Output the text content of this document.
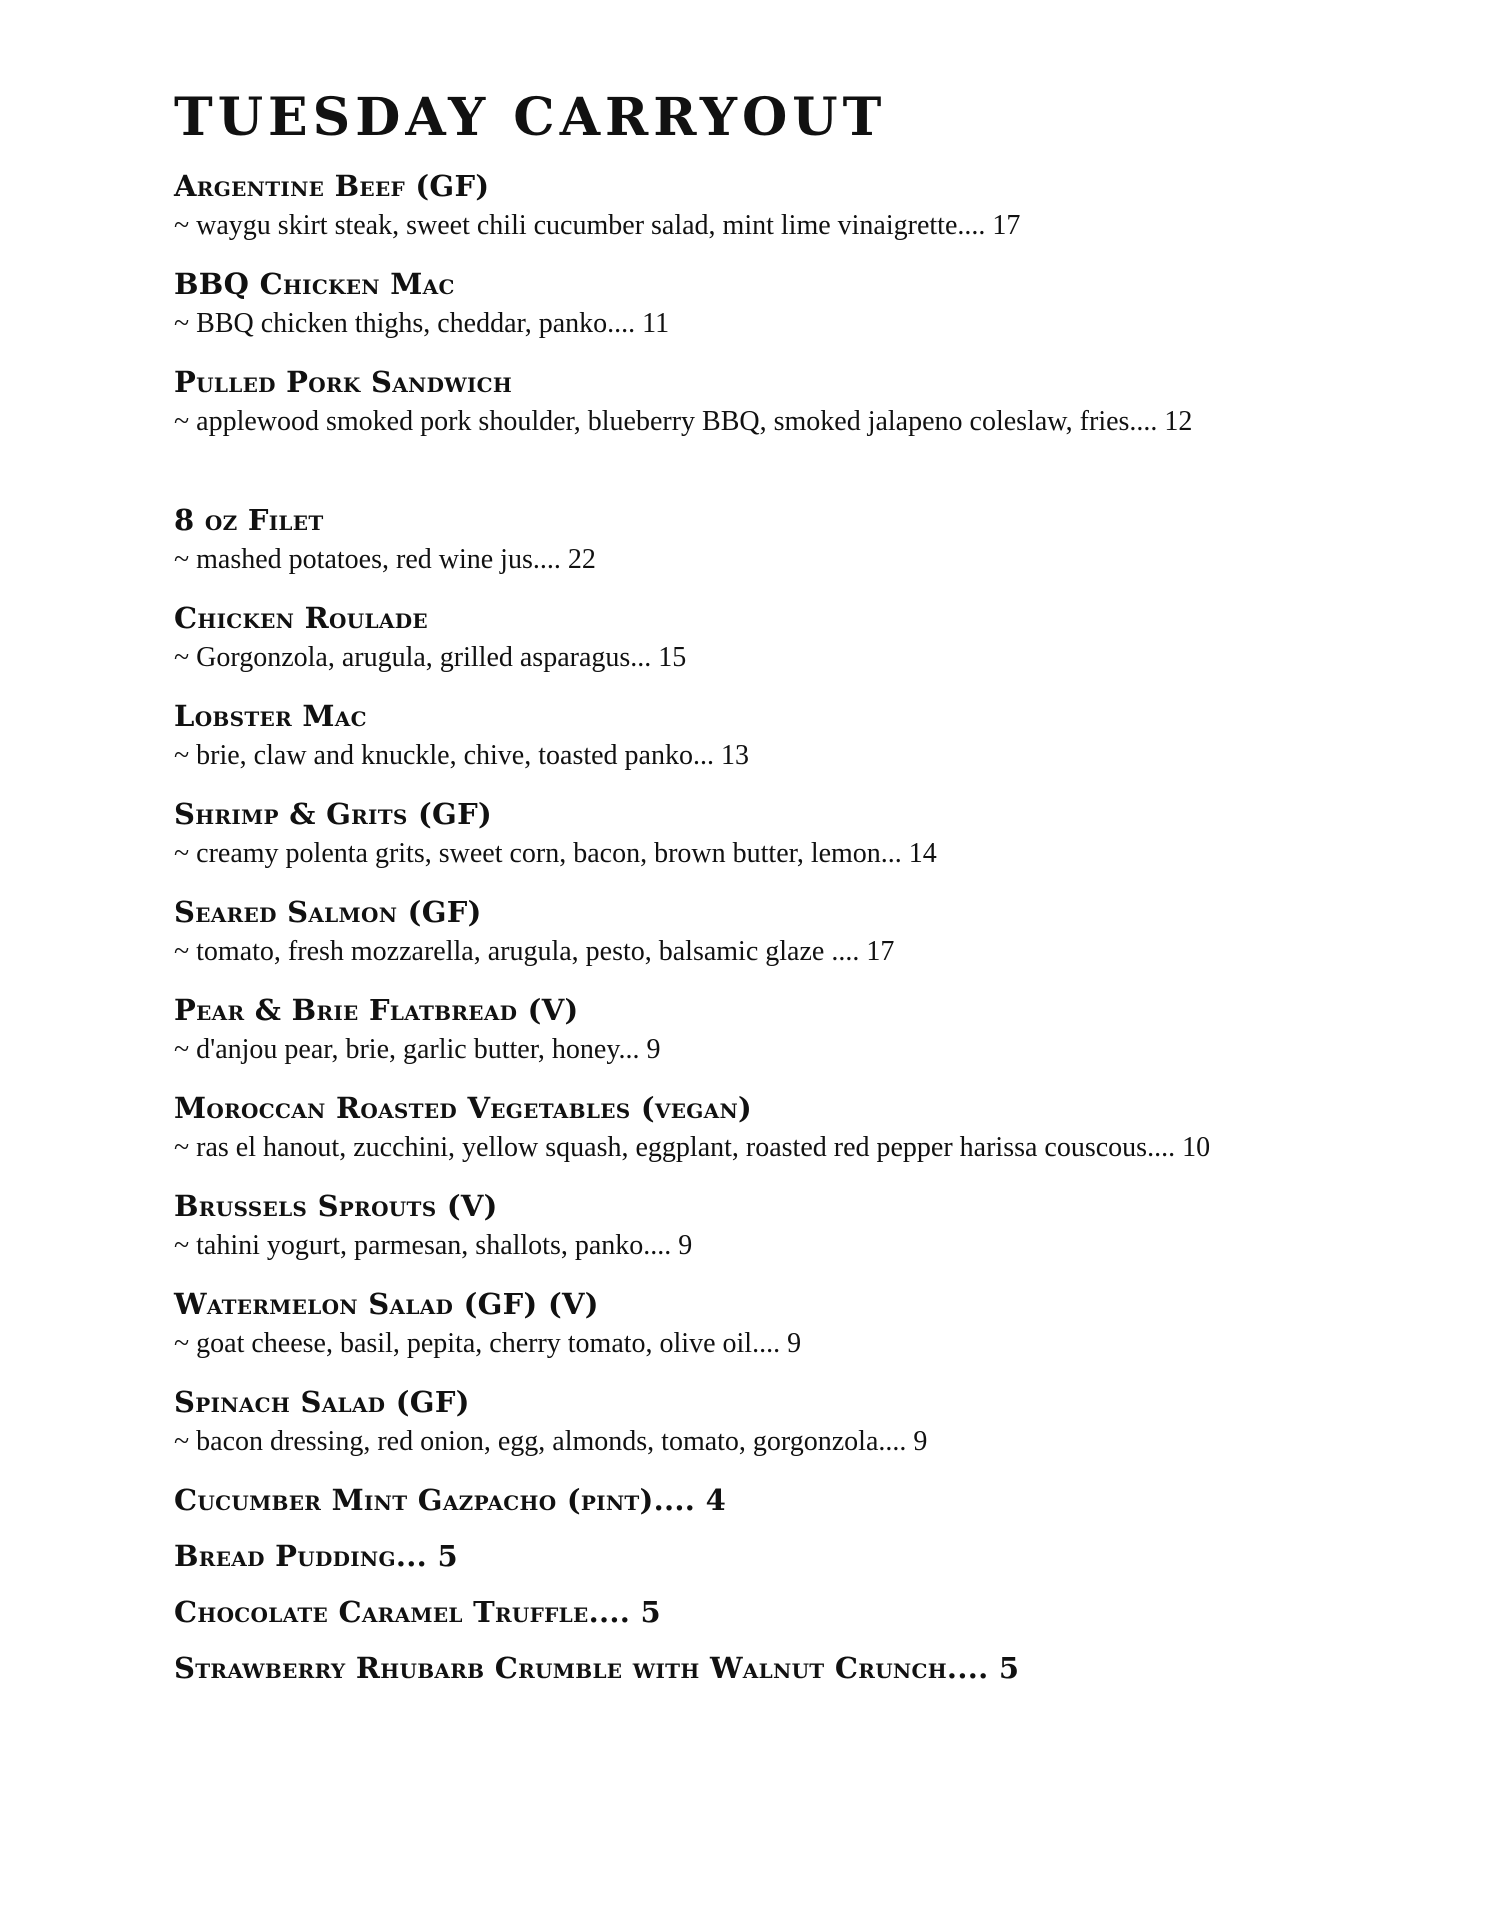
TUESDAY CARRYOUT
Argentine Beef (GF)
~ waygu skirt steak, sweet chili cucumber salad, mint lime vinaigrette.... 17
BBQ Chicken Mac
~ BBQ chicken thighs, cheddar, panko.... 11
Pulled Pork Sandwich
~ applewood smoked pork shoulder, blueberry BBQ, smoked jalapeno coleslaw, fries.... 12
8 oz Filet
~ mashed potatoes, red wine jus.... 22
Chicken Roulade
~ Gorgonzola, arugula, grilled asparagus... 15
Lobster Mac
~ brie, claw and knuckle, chive, toasted panko... 13
Shrimp & Grits (GF)
~ creamy polenta grits, sweet corn, bacon, brown butter, lemon... 14
Seared Salmon (GF)
~ tomato, fresh mozzarella, arugula, pesto, balsamic glaze .... 17
Pear & Brie Flatbread (V)
~ d'anjou pear, brie, garlic butter, honey... 9
Moroccan Roasted Vegetables (vegan)
~ ras el hanout, zucchini, yellow squash, eggplant, roasted red pepper harissa couscous.... 10
Brussels Sprouts (V)
~ tahini yogurt, parmesan, shallots, panko.... 9
Watermelon Salad (GF) (V)
~ goat cheese, basil, pepita, cherry tomato, olive oil.... 9
Spinach Salad (GF)
~ bacon dressing, red onion, egg, almonds, tomato, gorgonzola.... 9
Cucumber Mint Gazpacho (pint).... 4
Bread Pudding... 5
Chocolate Caramel Truffle.... 5
Strawberry Rhubarb Crumble with Walnut Crunch.... 5
